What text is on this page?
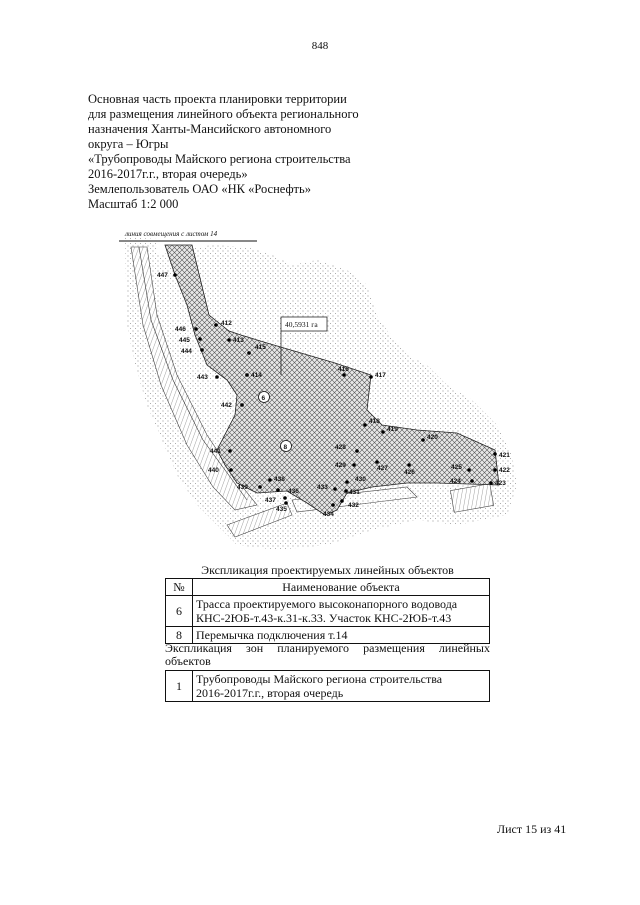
848
Основная часть проекта планировки территории
для размещения линейного объекта регионального
назначения Ханты-Мансийского автономного
округа – Югры
«Трубопроводы Майского региона строительства
2016-2017г.г., вторая очередь»
Землепользователь ОАО «НК «Роснефть»
Масштаб 1:2 000
линия совмещения с листом 14
40,5931 га
6
8
447
412
446
413
445
444
415
443	414
416
417
442
418
419
420
441
428
421
429	427
426
425	422
440
438	430	424	423
439
436
433
431
437
432
435
434
Экспликация проектируемых линейных объектов
№	Наименование объекта
6	Трасса проектируемого высоконапорного водовода
КНС-2ЮБ-т.43-к.31-к.33. Участок КНС-2ЮБ-т.43

8	Перемычка подключения т.14
Экспликация зон планируемого размещения линейных объектов
1	Трубопроводы Майского региона строительства
2016-2017г.г., вторая очередь
Лист 15 из 41
